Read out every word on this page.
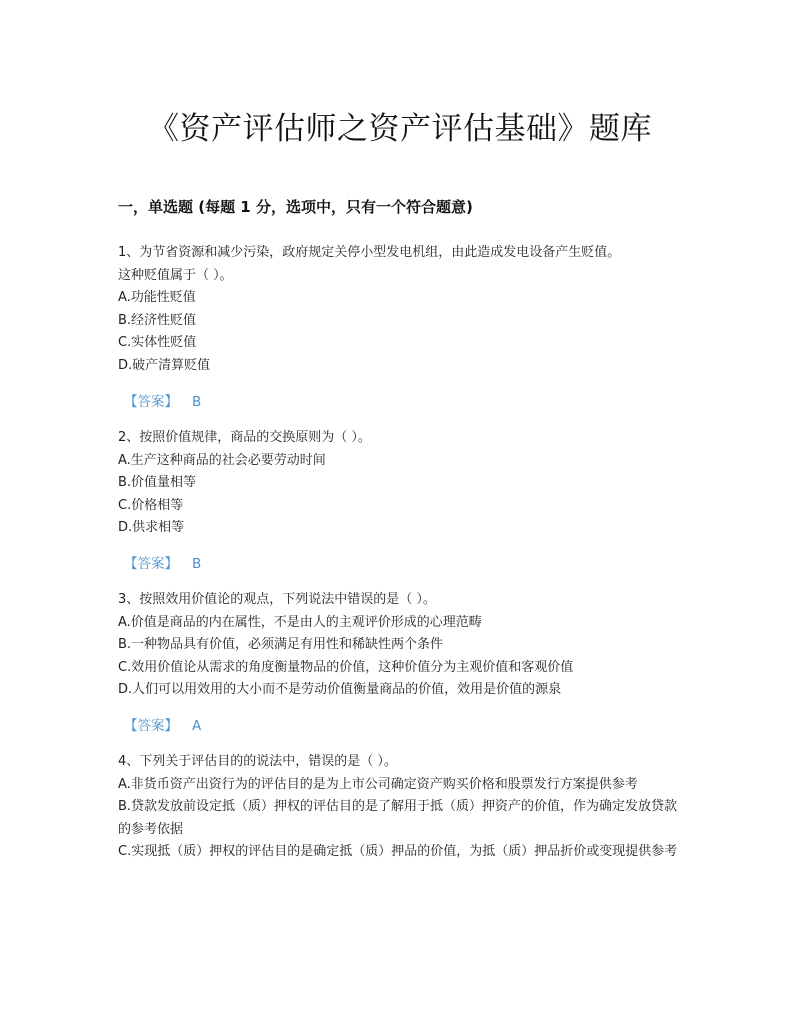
《资产评估师之资产评估基础》题库
一，单选题 (每题 1 分，选项中，只有一个符合题意)
1、为节省资源和减少污染，政府规定关停小型发电机组，由此造成发电设备产生贬值。
这种贬值属于（ ）。
A.功能性贬值
B.经济性贬值
C.实体性贬值
D.破产清算贬值
【答案】 B
2、按照价值规律，商品的交换原则为（ ）。
A.生产这种商品的社会必要劳动时间
B.价值量相等
C.价格相等
D.供求相等
【答案】 B
3、按照效用价值论的观点，下列说法中错误的是（ ）。
A.价值是商品的内在属性，不是由人的主观评价形成的心理范畴
B.一种物品具有价值，必须满足有用性和稀缺性两个条件
C.效用价值论从需求的角度衡量物品的价值，这种价值分为主观价值和客观价值
D.人们可以用效用的大小而不是劳动价值衡量商品的价值，效用是价值的源泉
【答案】 A
4、下列关于评估目的的说法中，错误的是（ ）。
A.非货币资产出资行为的评估目的是为上市公司确定资产购买价格和股票发行方案提供参考
B.贷款发放前设定抵（质）押权的评估目的是了解用于抵（质）押资产的价值，作为确定发放贷款的参考依据
C.实现抵（质）押权的评估目的是确定抵（质）押品的价值，为抵（质）押品折价或变现提供参考
